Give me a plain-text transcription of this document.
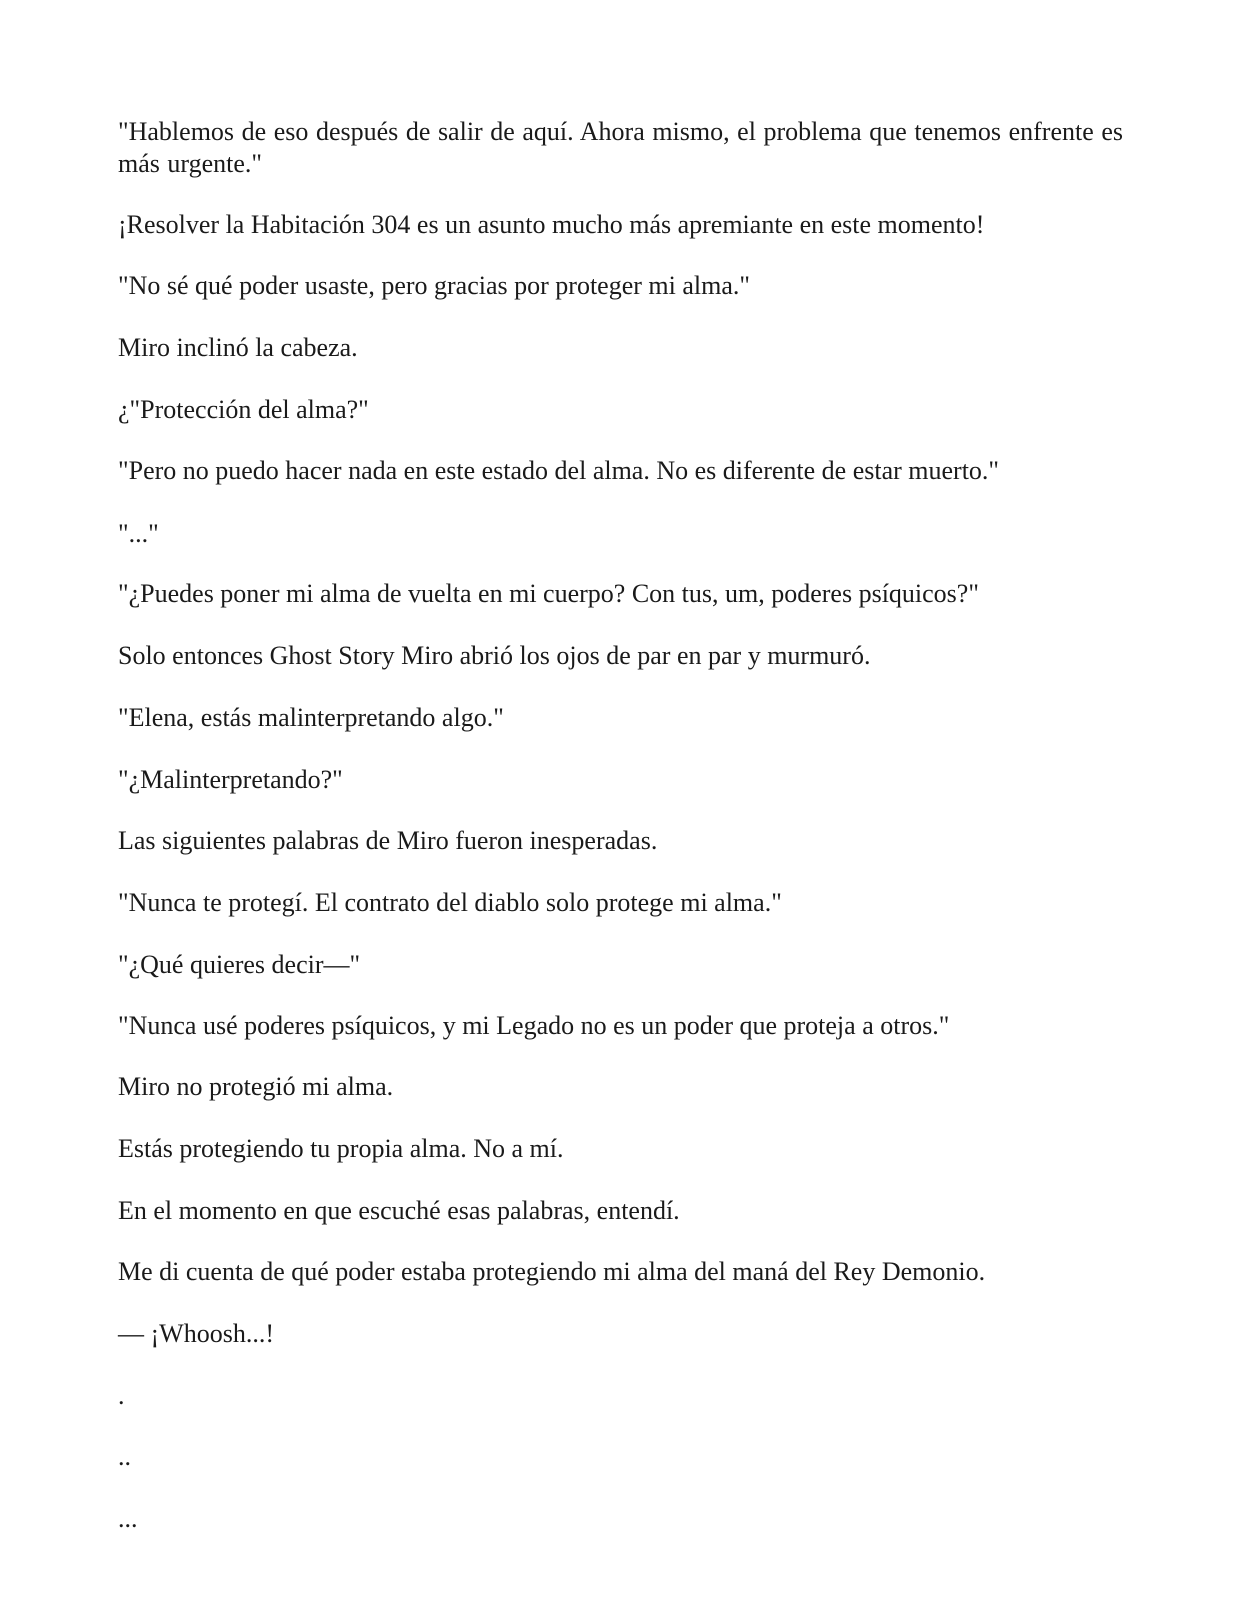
"Hablemos de eso después de salir de aquí. Ahora mismo, el problema que tenemos enfrente es más urgente."

¡Resolver la Habitación 304 es un asunto mucho más apremiante en este momento!

"No sé qué poder usaste, pero gracias por proteger mi alma."

Miro inclinó la cabeza.

¿"Protección del alma?"

"Pero no puedo hacer nada en este estado del alma. No es diferente de estar muerto."

"..."

"¿Puedes poner mi alma de vuelta en mi cuerpo? Con tus, um, poderes psíquicos?"

Solo entonces Ghost Story Miro abrió los ojos de par en par y murmuró.

"Elena, estás malinterpretando algo."

"¿Malinterpretando?"

Las siguientes palabras de Miro fueron inesperadas.

"Nunca te protegí. El contrato del diablo solo protege mi alma."

"¿Qué quieres decir—"

"Nunca usé poderes psíquicos, y mi Legado no es un poder que proteja a otros."

Miro no protegió mi alma.

Estás protegiendo tu propia alma. No a mí.

En el momento en que escuché esas palabras, entendí.

Me di cuenta de qué poder estaba protegiendo mi alma del maná del Rey Demonio.

— ¡Whoosh...!

.

..

...
